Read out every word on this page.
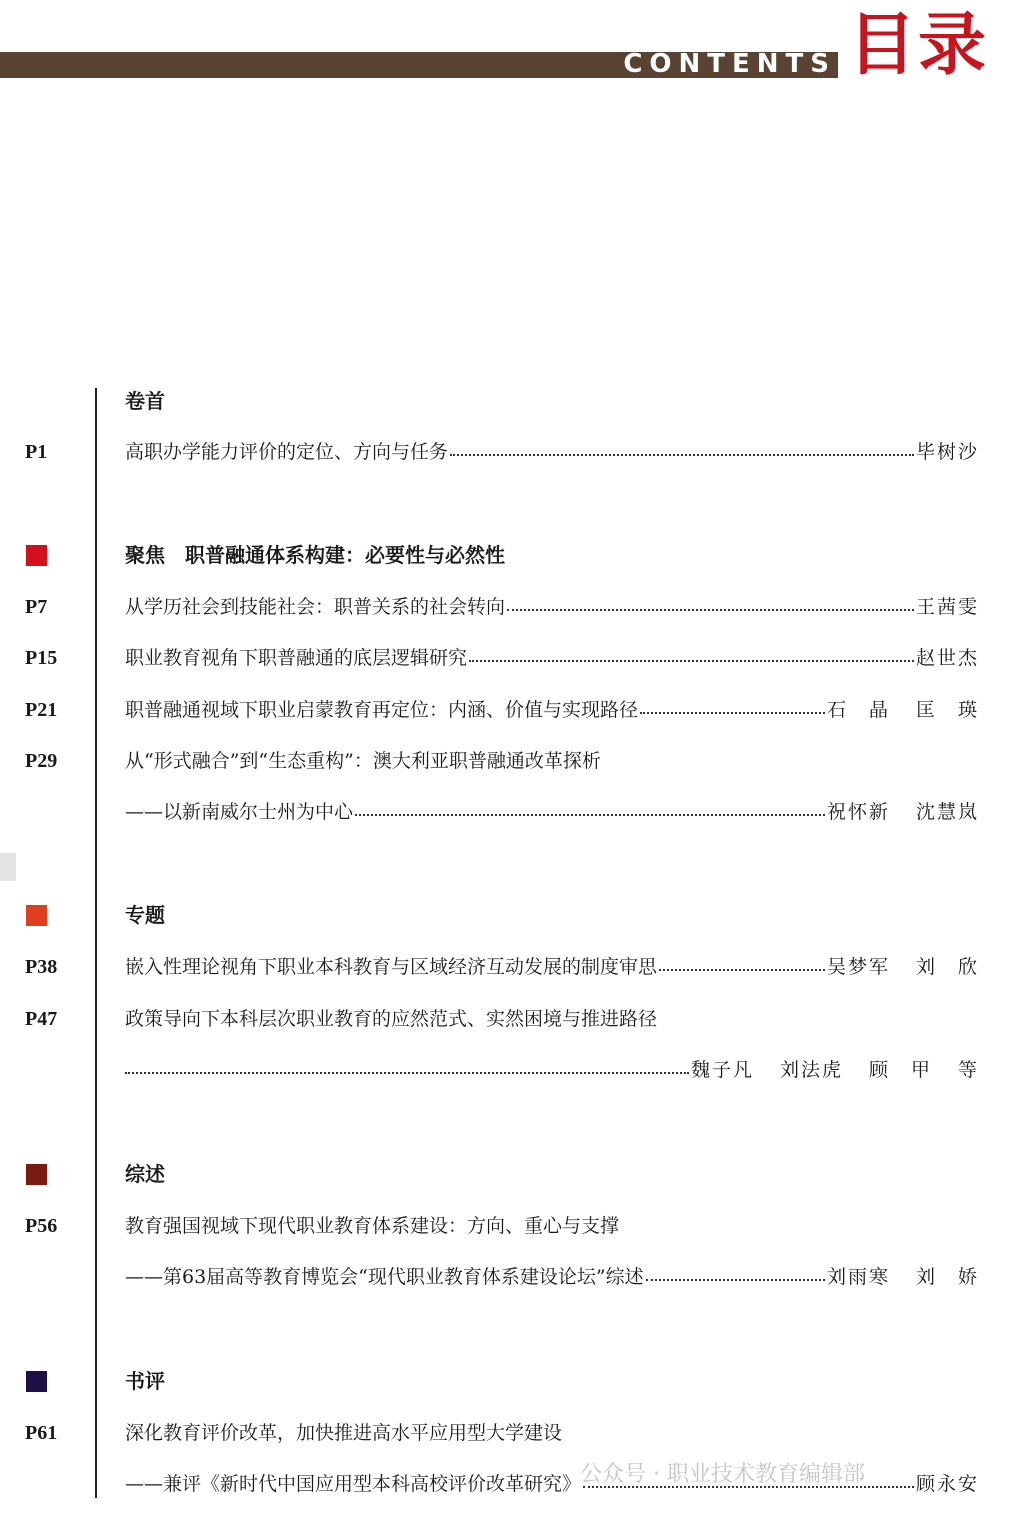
CONTENTS 目录
卷首
P1	高职办学能力评价的定位、方向与任务	毕树沙
聚焦　职普融通体系构建：必要性与必然性
P7	从学历社会到技能社会：职普关系的社会转向	王茜雯
P15	职业教育视角下职普融通的底层逻辑研究	赵世杰
P21	职普融通视域下职业启蒙教育再定位：内涵、价值与实现路径	石　晶 匡　瑛
P29	从“形式融合”到“生态重构”：澳大利亚职普融通改革探析
——以新南威尔士州为中心	祝怀新 沈慧岚
专题
P38	嵌入性理论视角下职业本科教育与区域经济互动发展的制度审思	吴梦军 刘　欣
P47	政策导向下本科层次职业教育的应然范式、实然困境与推进路径
魏子凡 刘法虎 顾　甲 等
综述
P56	教育强国视域下现代职业教育体系建设：方向、重心与支撑
——第63届高等教育博览会“现代职业教育体系建设论坛”综述	刘雨寒 刘　娇
书评
P61	深化教育评价改革，加快推进高水平应用型大学建设
——兼评《新时代中国应用型本科高校评价改革研究》	顾永安
公众号 · 职业技术教育编辑部
